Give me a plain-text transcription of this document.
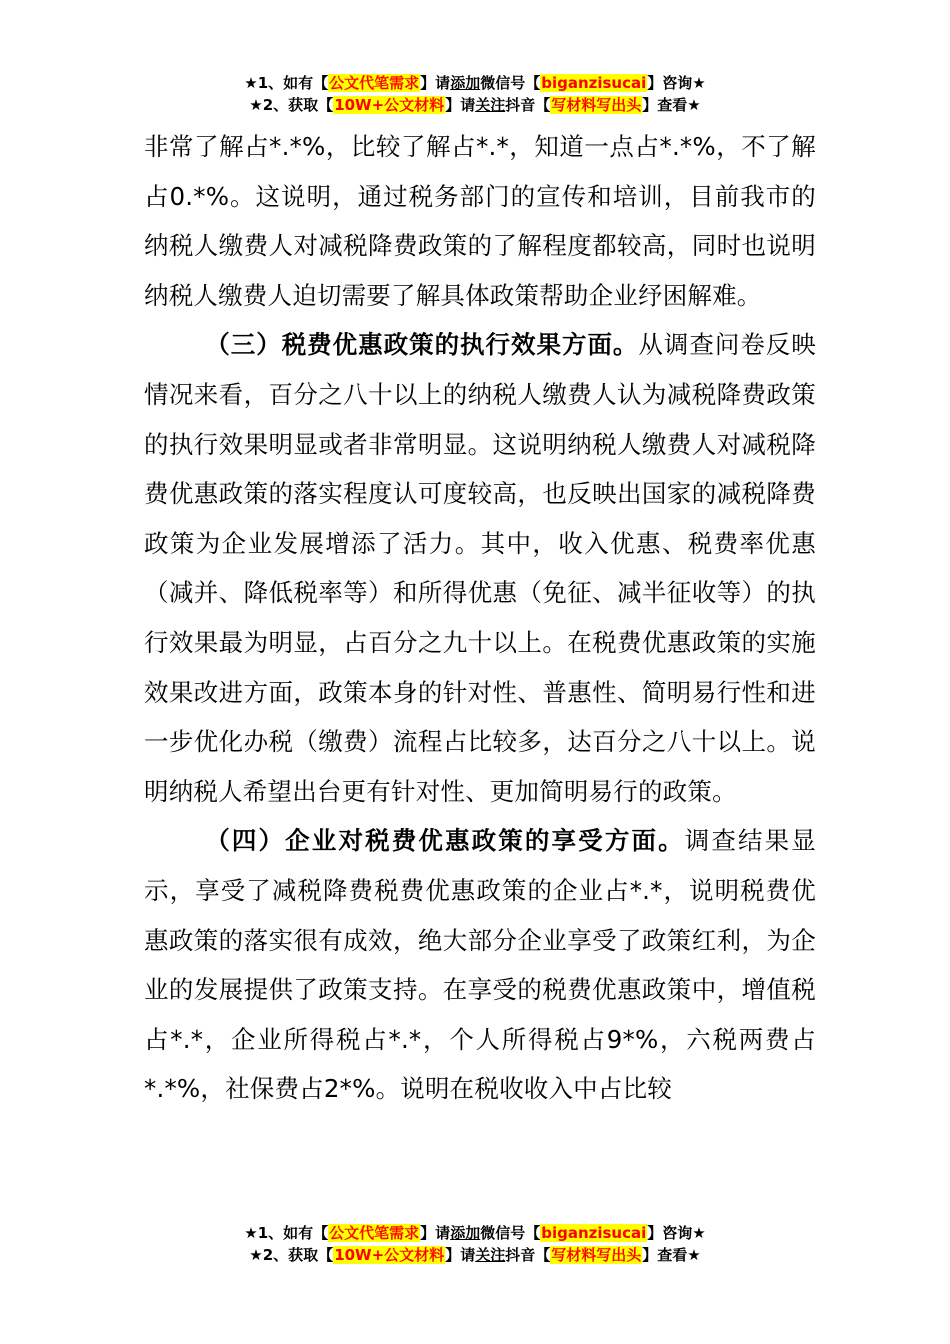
★1、如有【公文代笔需求】请添加微信号【biganzisucai】咨询★
★2、获取【10W+公文材料】请关注抖音【写材料写出头】查看★

非常了解占*.*%，比较了解占*.*，知道一点占*.*%，不了解占0.*%。这说明，通过税务部门的宣传和培训，目前我市的纳税人缴费人对减税降费政策的了解程度都较高，同时也说明纳税人缴费人迫切需要了解具体政策帮助企业纾困解难。

（三）税费优惠政策的执行效果方面。从调查问卷反映情况来看，百分之八十以上的纳税人缴费人认为减税降费政策的执行效果明显或者非常明显。这说明纳税人缴费人对减税降费优惠政策的落实程度认可度较高，也反映出国家的减税降费政策为企业发展增添了活力。其中，收入优惠、税费率优惠（减并、降低税率等）和所得优惠（免征、减半征收等）的执行效果最为明显，占百分之九十以上。在税费优惠政策的实施效果改进方面，政策本身的针对性、普惠性、简明易行性和进一步优化办税（缴费）流程占比较多，达百分之八十以上。说明纳税人希望出台更有针对性、更加简明易行的政策。

（四）企业对税费优惠政策的享受方面。调查结果显示，享受了减税降费税费优惠政策的企业占*.*，说明税费优惠政策的落实很有成效，绝大部分企业享受了政策红利，为企业的发展提供了政策支持。在享受的税费优惠政策中，增值税占*.*，企业所得税占*.*，个人所得税占9*%，六税两费占*.*%，社保费占2*%。说明在税收收入中占比较

★1、如有【公文代笔需求】请添加微信号【biganzisucai】咨询★
★2、获取【10W+公文材料】请关注抖音【写材料写出头】查看★
